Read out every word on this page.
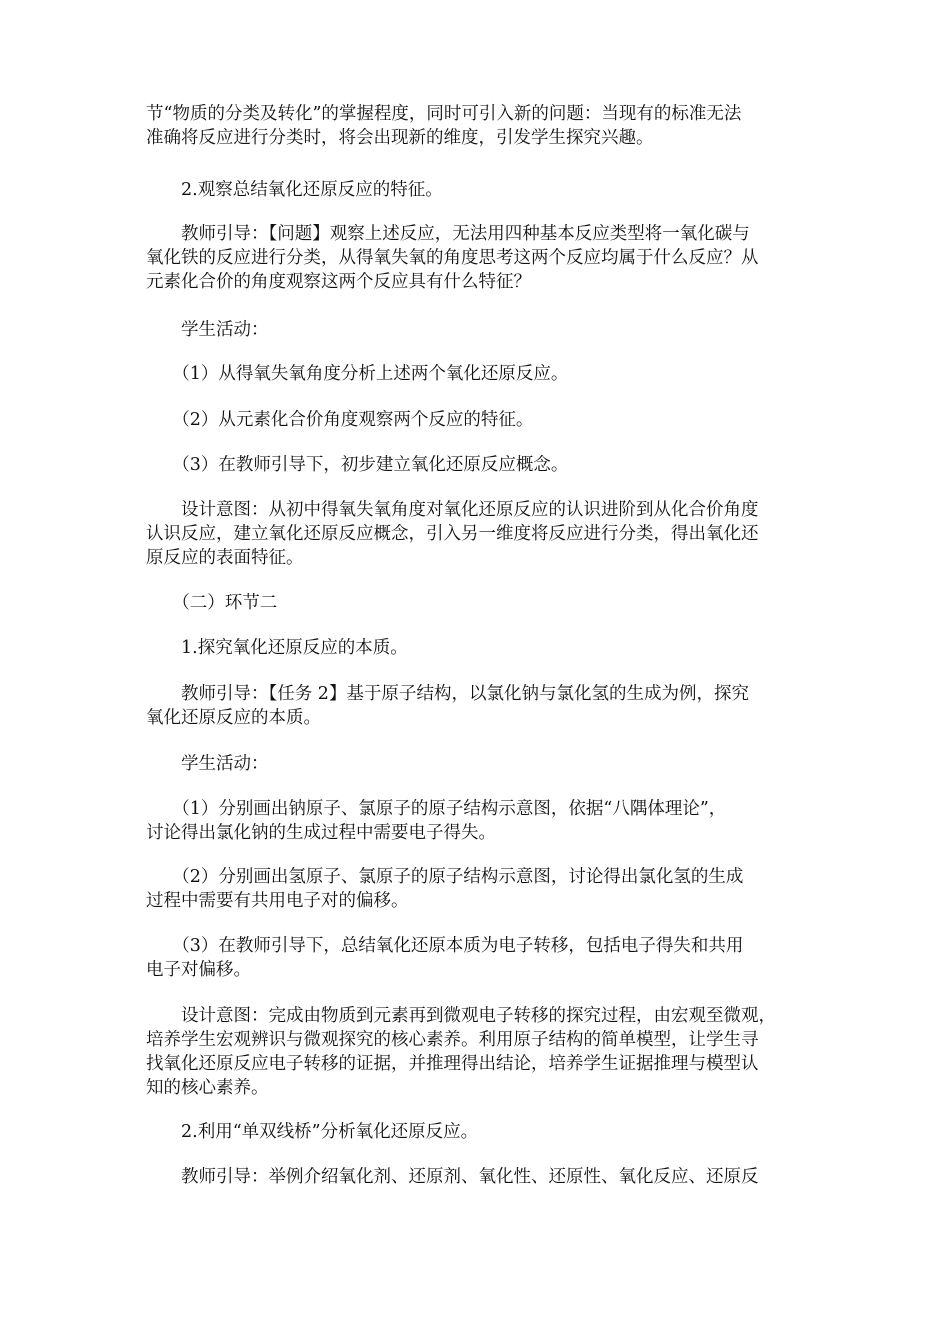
节“物质的分类及转化”的掌握程度，同时可引入新的问题：当现有的标准无法
准确将反应进行分类时，将会出现新的维度，引发学生探究兴趣。
　　2.观察总结氧化还原反应的特征。
　　教师引导：【问题】观察上述反应，无法用四种基本反应类型将一氧化碳与
氧化铁的反应进行分类，从得氧失氧的角度思考这两个反应均属于什么反应？从
元素化合价的角度观察这两个反应具有什么特征？
　　学生活动：
　　（1）从得氧失氧角度分析上述两个氧化还原反应。
　　（2）从元素化合价角度观察两个反应的特征。
　　（3）在教师引导下，初步建立氧化还原反应概念。
　　设计意图：从初中得氧失氧角度对氧化还原反应的认识进阶到从化合价角度
认识反应，建立氧化还原反应概念，引入另一维度将反应进行分类，得出氧化还
原反应的表面特征。
　　（二）环节二
　　1.探究氧化还原反应的本质。
　　教师引导：【任务 2】基于原子结构，以氯化钠与氯化氢的生成为例，探究
氧化还原反应的本质。
　　学生活动：
　　（1）分别画出钠原子、氯原子的原子结构示意图，依据“八隅体理论”，
讨论得出氯化钠的生成过程中需要电子得失。
　　（2）分别画出氢原子、氯原子的原子结构示意图，讨论得出氯化氢的生成
过程中需要有共用电子对的偏移。
　　（3）在教师引导下，总结氧化还原本质为电子转移，包括电子得失和共用
电子对偏移。
　　设计意图：完成由物质到元素再到微观电子转移的探究过程，由宏观至微观，
培养学生宏观辨识与微观探究的核心素养。利用原子结构的简单模型，让学生寻
找氧化还原反应电子转移的证据，并推理得出结论，培养学生证据推理与模型认
知的核心素养。
　　2.利用“单双线桥”分析氧化还原反应。
　　教师引导：举例介绍氧化剂、还原剂、氧化性、还原性、氧化反应、还原反
